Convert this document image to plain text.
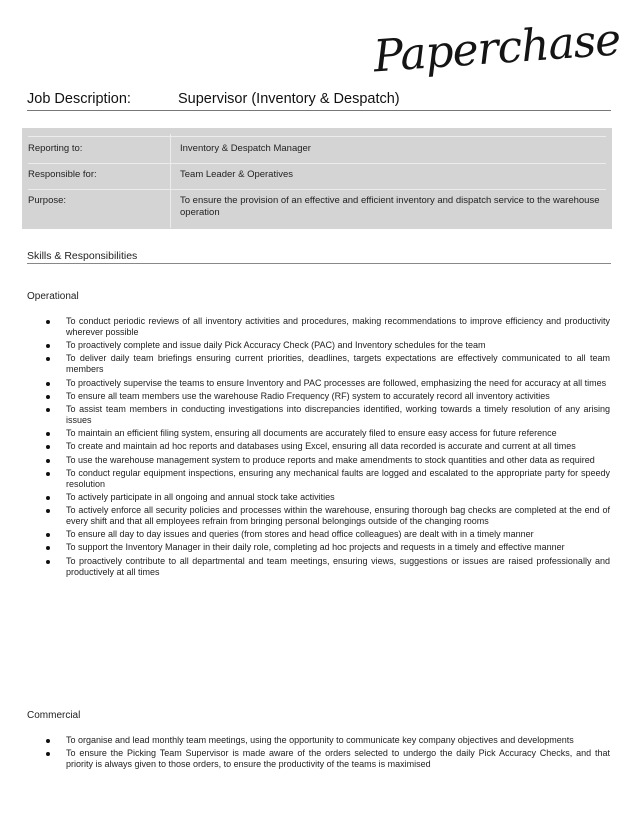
Paperchase
Job Description:	Supervisor (Inventory & Despatch)
Reporting to:	Inventory & Despatch Manager
Responsible for:	Team Leader & Operatives
Purpose:	To ensure the provision of an effective and efficient inventory and dispatch service to the warehouse operation
Skills & Responsibilities
Operational
To conduct periodic reviews of all inventory activities and procedures, making recommendations to improve efficiency and productivity wherever possible
To proactively complete and issue daily Pick Accuracy Check (PAC) and Inventory schedules for the team
To deliver daily team briefings ensuring current priorities, deadlines, targets expectations are effectively communicated to all team members
To proactively supervise the teams to ensure Inventory and PAC processes are followed, emphasizing the need for accuracy at all times
To ensure all team members use the warehouse Radio Frequency (RF) system to accurately record all inventory activities
To assist team members in conducting investigations into discrepancies identified, working towards a timely resolution of any arising issues
To maintain an efficient filing system, ensuring all documents are accurately filed to ensure easy access for future reference
To create and maintain ad hoc reports and databases using Excel, ensuring all data recorded is accurate and current at all times
To use the warehouse management system to produce reports and make amendments to stock quantities and other data as required
To conduct regular equipment inspections, ensuring any mechanical faults are logged and escalated to the appropriate party for speedy resolution
To actively participate in all ongoing and annual stock take activities
To actively enforce all security policies and processes within the warehouse, ensuring thorough bag checks are completed at the end of every shift and that all employees refrain from bringing personal belongings outside of the changing rooms
To ensure all day to day issues and queries (from stores and head office colleagues) are dealt with in a timely manner
To support the Inventory Manager in their daily role, completing ad hoc projects and requests in a timely and effective manner
To proactively contribute to all departmental and team meetings, ensuring views, suggestions or issues are raised professionally and productively at all times
Commercial
To organise and lead monthly team meetings, using the opportunity to communicate key company objectives and developments
To ensure the Picking Team Supervisor is made aware of the orders selected to undergo the daily Pick Accuracy Checks, and that priority is always given to those orders, to ensure the productivity of the teams is maximised
